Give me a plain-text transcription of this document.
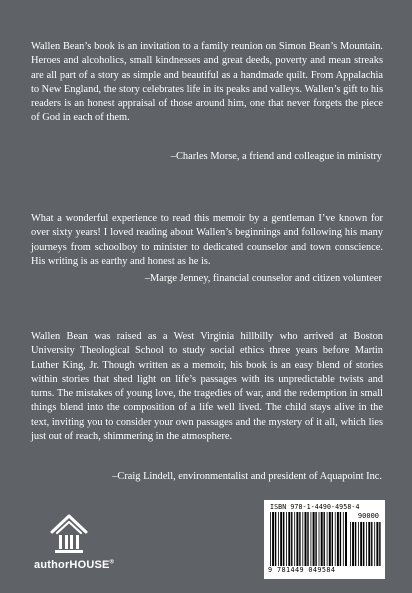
Wallen Bean’s book is an invitation to a family reunion on Simon Bean’s Mountain. Heroes and alcoholics, small kindnesses and great deeds, poverty and mean streaks are all part of a story as simple and beautiful as a handmade quilt. From Appalachia to New England, the story celebrates life in its peaks and valleys. Wallen’s gift to his readers is an honest appraisal of those around him, one that never forgets the piece of God in each of them.

–Charles Morse, a friend and colleague in ministry

What a wonderful experience to read this memoir by a gentleman I’ve known for over sixty years! I loved reading about Wallen’s beginnings and following his many journeys from schoolboy to minister to dedicated counselor and town conscience. His writing is as earthy and honest as he is.

–Marge Jenney, financial counselor and citizen volunteer

Wallen Bean was raised as a West Virginia hillbilly who arrived at Boston University Theological School to study social ethics three years before Martin Luther King, Jr. Though written as a memoir, his book is an easy blend of stories within stories that shed light on life’s passages with its unpredictable twists and turns. The mistakes of young love, the tragedies of war, and the redemption in small things blend into the composition of a life well lived. The child stays alive in the text, inviting you to consider your own passages and the mystery of it all, which lies just out of reach, shimmering in the atmosphere.

–Craig Lindell, environmentalist and president of Aquapoint Inc.

authorHOUSE®
ISBN 978-1-4490-4958-4
90000
9 781449 049584
